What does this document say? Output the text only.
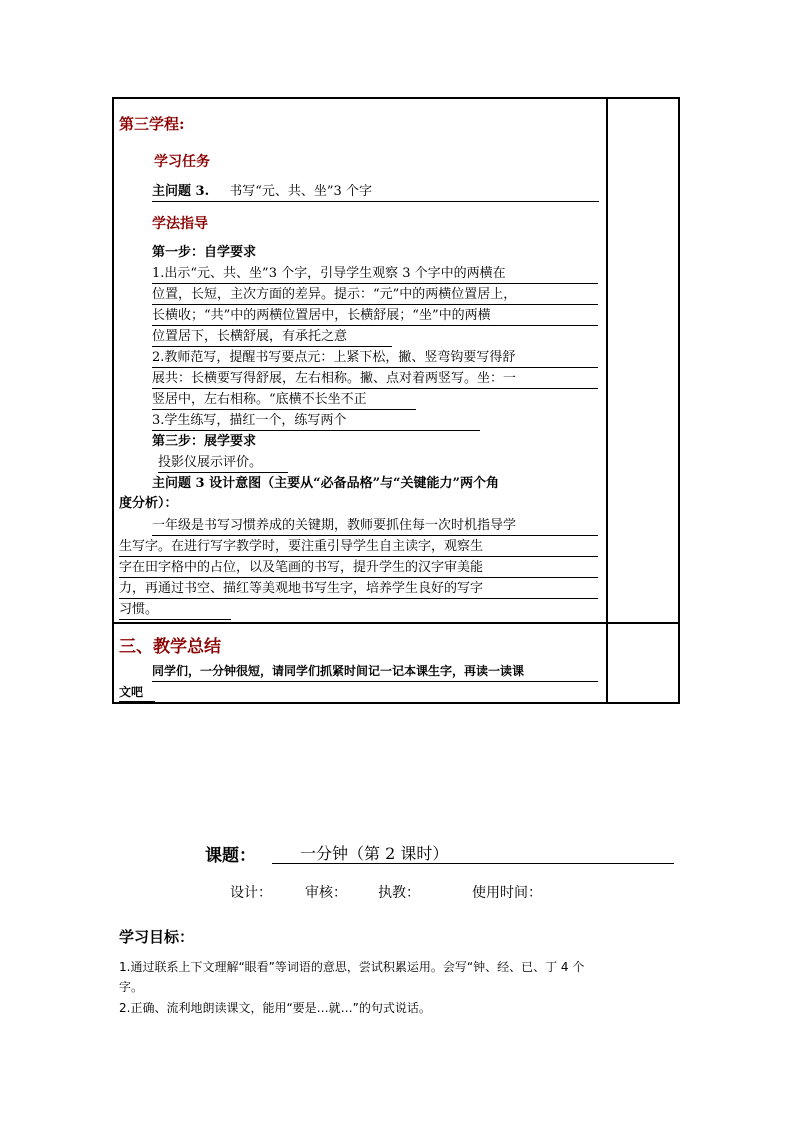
第三学程:
学习任务
主问题 3. 书写“元、共、坐”3 个字
学法指导
第一步：自学要求
1.出示“元、共、坐”3 个字，引导学生观察 3 个字中的两横在
位置，长短，主次方面的差异。提示：“元”中的两横位置居上，
长横收；“共”中的两横位置居中，长横舒展；“坐”中的两横
位置居下，长横舒展，有承托之意
2.教师范写，提醒书写要点元：上紧下松，撇、竖弯钩要写得舒
展共：长横要写得舒展，左右相称。撇、点对着两竖写。坐：一
竖居中，左右相称。“底横不长坐不正
3.学生练写，描红一个，练写两个
第三步：展学要求
投影仪展示评价。
主问题 3 设计意图（主要从“必备品格”与“关键能力”两个角
度分析）：
一年级是书写习惯养成的关键期，教师要抓住每一次时机指导学
生写字。在进行写字教学时，要注重引导学生自主读字，观察生
字在田字格中的占位，以及笔画的书写，提升学生的汉字审美能
力，再通过书空、描红等美观地书写生字，培养学生良好的写字
习惯。
三、教学总结
同学们，一分钟很短，请同学们抓紧时间记一记本课生字，再读一读课
文吧
课题：	一分钟（第 2 课时）
设计： 审核： 执教：	使用时间：
学习目标：
1.通过联系上下文理解“眼看”等词语的意思，尝试积累运用。会写“钟、经、已、丁 4 个
字。
2.正确、流利地朗读课文，能用“要是…就…”的句式说话。
